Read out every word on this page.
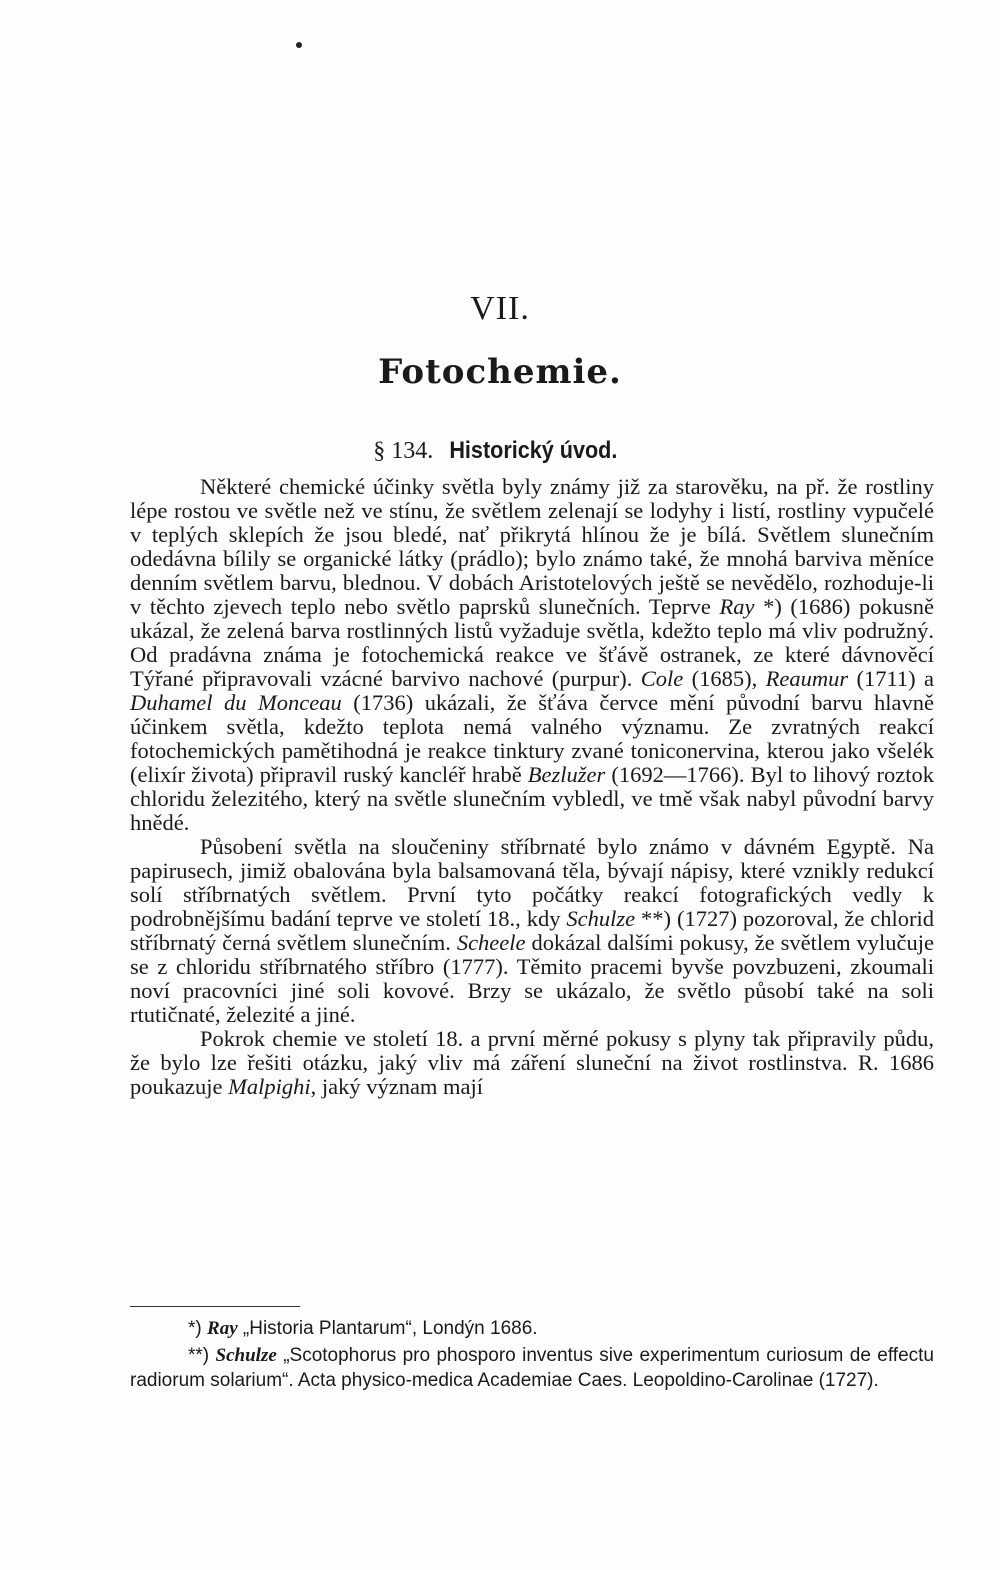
VII.
Fotochemie.
§ 134. Historický úvod.

Některé chemické účinky světla byly známy již za starověku, na př. že rostliny lépe rostou ve světle než ve stínu, že světlem zelenají se lodyhy i listí, rostliny vypučelé v teplých sklepích že jsou bledé, nať přikrytá hlínou že je bílá. Světlem slunečním odedávna bílily se organické látky (prádlo); bylo známo také, že mnohá barviva měníce denním světlem barvu, blednou. V dobách Aristotelových ještě se nevědělo, rozhoduje-li v těchto zjevech teplo nebo světlo paprsků slunečních. Teprve Ray *) (1686) pokusně ukázal, že zelená barva rostlinných listů vyžaduje světla, kdežto teplo má vliv podružný. Od pradávna známa je fotochemická reakce ve šťávě ostranek, ze které dávnověcí Týřané připravovali vzácné barvivo nachové (purpur). Cole (1685), Reaumur (1711) a Duhamel du Monceau (1736) ukázali, že šťáva červce mění původní barvu hlavně účinkem světla, kdežto teplota nemá valného významu. Ze zvratných reakcí fotochemických pamětihodná je reakce tinktury zvané toniconervina, kterou jako všelék (elixír života) připravil ruský kancléř hrabě Bezlužer (1692—1766). Byl to lihový roztok chloridu železitého, který na světle slunečním vybledl, ve tmě však nabyl původní barvy hnědé.

Působení světla na sloučeniny stříbrnaté bylo známo v dávném Egyptě. Na papirusech, jimiž obalována byla balsamovaná těla, bývají nápisy, které vznikly redukcí solí stříbrnatých světlem. První tyto počátky reakcí fotografických vedly k podrobnějšímu badání teprve ve století 18., kdy Schulze **) (1727) pozoroval, že chlorid stříbrnatý černá světlem slunečním. Scheele dokázal dalšími pokusy, že světlem vylučuje se z chloridu stříbrnatého stříbro (1777). Těmito pracemi byvše povzbuzeni, zkoumali noví pracovníci jiné soli kovové. Brzy se ukázalo, že světlo působí také na soli rtutičnaté, železité a jiné.

Pokrok chemie ve století 18. a první měrné pokusy s plyny tak připravily půdu, že bylo lze řešiti otázku, jaký vliv má záření sluneční na život rostlinstva. R. 1686 poukazuje Malpighi, jaký význam mají

*) Ray „Historia Plantarum“, Londýn 1686.

**) Schulze „Scotophorus pro phosporo inventus sive experimentum curiosum de effectu radiorum solarium“. Acta physico-medica Academiae Caes. Leopoldino-Carolinae (1727).
